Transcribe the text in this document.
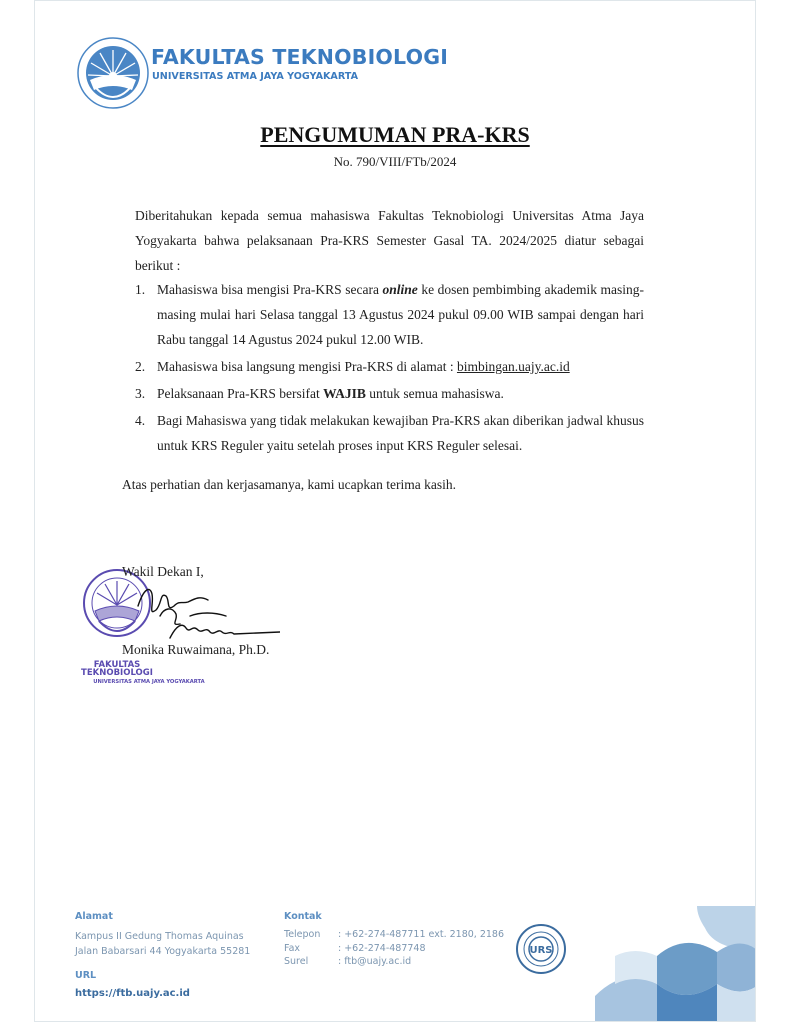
FAKULTAS TEKNOBIOLOGI
UNIVERSITAS ATMA JAYA YOGYAKARTA
PENGUMUMAN PRA-KRS
No. 790/VIII/FTb/2024
Diberitahukan kepada semua mahasiswa Fakultas Teknobiologi Universitas Atma Jaya Yogyakarta bahwa pelaksanaan Pra-KRS Semester Gasal TA. 2024/2025 diatur sebagai berikut :
1. Mahasiswa bisa mengisi Pra-KRS secara online ke dosen pembimbing akademik masing-masing mulai hari Selasa tanggal 13 Agustus 2024 pukul 09.00 WIB sampai dengan hari Rabu tanggal 14 Agustus 2024 pukul 12.00 WIB.
2. Mahasiswa bisa langsung mengisi Pra-KRS di alamat : bimbingan.uajy.ac.id
3. Pelaksanaan Pra-KRS bersifat WAJIB untuk semua mahasiswa.
4. Bagi Mahasiswa yang tidak melakukan kewajiban Pra-KRS akan diberikan jadwal khusus untuk KRS Reguler yaitu setelah proses input KRS Reguler selesai.
Atas perhatian dan kerjasamanya, kami ucapkan terima kasih.
FAKULTAS
TEKNOBIOLOGI
UNIVERSITAS ATMA JAYA YOGYAKARTA
Wakil Dekan I,
Monika Ruwaimana, Ph.D.
Alamat
Kampus II Gedung Thomas Aquinas
Jalan Babarsari 44 Yogyakarta 55281
URL
https://ftb.uajy.ac.id
Kontak
Telepon	: +62-274-487711 ext. 2180, 2186
Fax	: +62-274-487748
Surel	: ftb@uajy.ac.id
URS
